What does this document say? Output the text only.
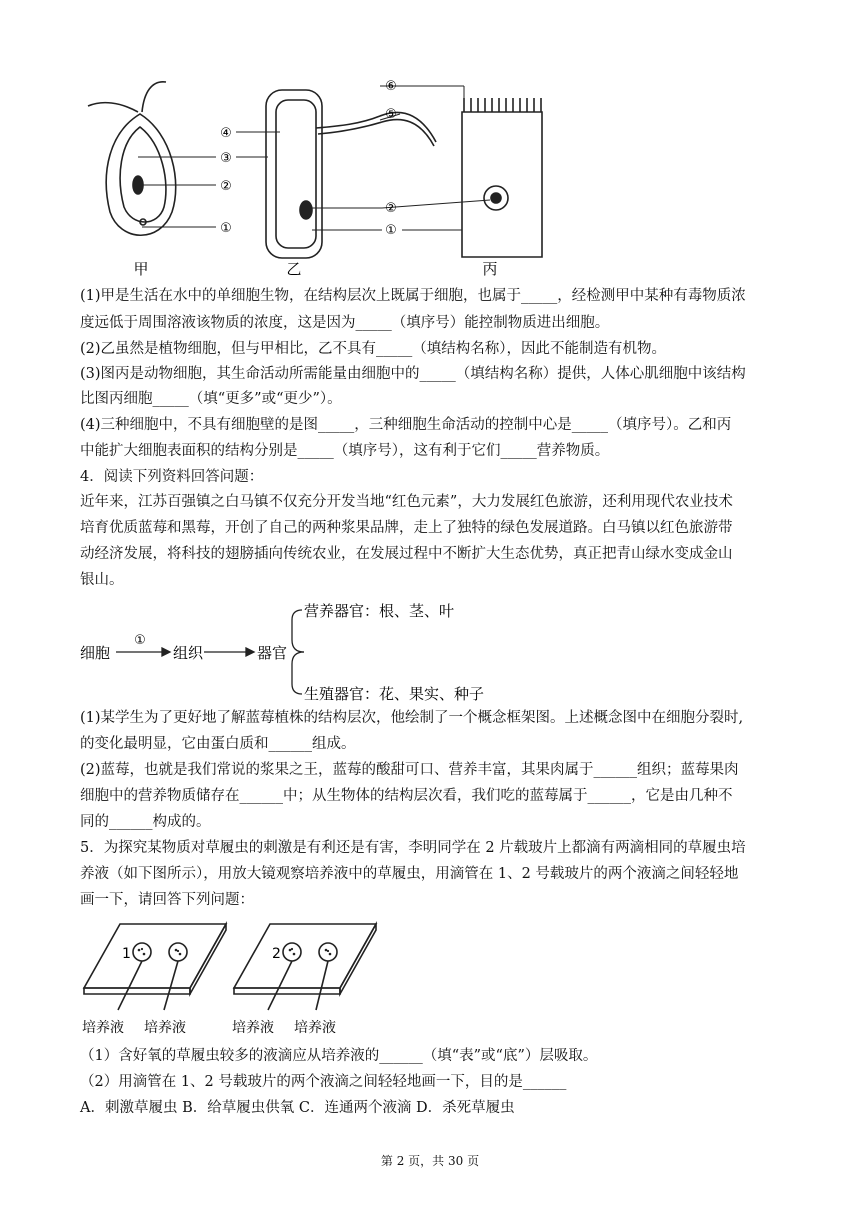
③
②
①
④
⑤
⑥
②
①
甲	乙	丙
(1)甲是生活在水中的单细胞生物，在结构层次上既属于细胞，也属于_____，经检测甲中某种有毒物质浓
度远低于周围溶液该物质的浓度，这是因为_____（填序号）能控制物质进出细胞。
(2)乙虽然是植物细胞，但与甲相比，乙不具有_____（填结构名称），因此不能制造有机物。
(3)图丙是动物细胞，其生命活动所需能量由细胞中的_____（填结构名称）提供，人体心肌细胞中该结构
比图丙细胞_____（填“更多”或“更少”）。
(4)三种细胞中，不具有细胞壁的是图_____，三种细胞生命活动的控制中心是_____（填序号）。乙和丙
中能扩大细胞表面积的结构分别是_____（填序号），这有利于它们_____营养物质。
4．阅读下列资料回答问题：
近年来，江苏百强镇之白马镇不仅充分开发当地“红色元素”，大力发展红色旅游，还利用现代农业技术
培育优质蓝莓和黑莓，开创了自己的两种浆果品牌，走上了独特的绿色发展道路。白马镇以红色旅游带
动经济发展，将科技的翅膀插向传统农业，在发展过程中不断扩大生态优势，真正把青山绿水变成金山
银山。
细胞
①
组织	器官
营养器官：根、茎、叶
生殖器官：花、果实、种子
(1)某学生为了更好地了解蓝莓植株的结构层次，他绘制了一个概念框架图。上述概念图中在细胞分裂时,
的变化最明显，它由蛋白质和______组成。
(2)蓝莓，也就是我们常说的浆果之王，蓝莓的酸甜可口、营养丰富，其果肉属于______组织；蓝莓果肉
细胞中的营养物质储存在______中；从生物体的结构层次看，我们吃的蓝莓属于______，它是由几种不
同的______构成的。
5．为探究某物质对草履虫的刺激是有利还是有害，李明同学在 2 片载玻片上都滴有两滴相同的草履虫培
养液（如下图所示），用放大镜观察培养液中的草履虫，用滴管在 1、2 号载玻片的两个液滴之间轻轻地
画一下，请回答下列问题：
1	2
培养液 培养液	培养液 培养液
（1）含好氧的草履虫较多的液滴应从培养液的______（填“表”或“底”）层吸取。
（2）用滴管在 1、2 号载玻片的两个液滴之间轻轻地画一下，目的是______
A．刺激草履虫 B．给草履虫供氧 C．连通两个液滴 D．杀死草履虫
第 2 页，共 30 页
